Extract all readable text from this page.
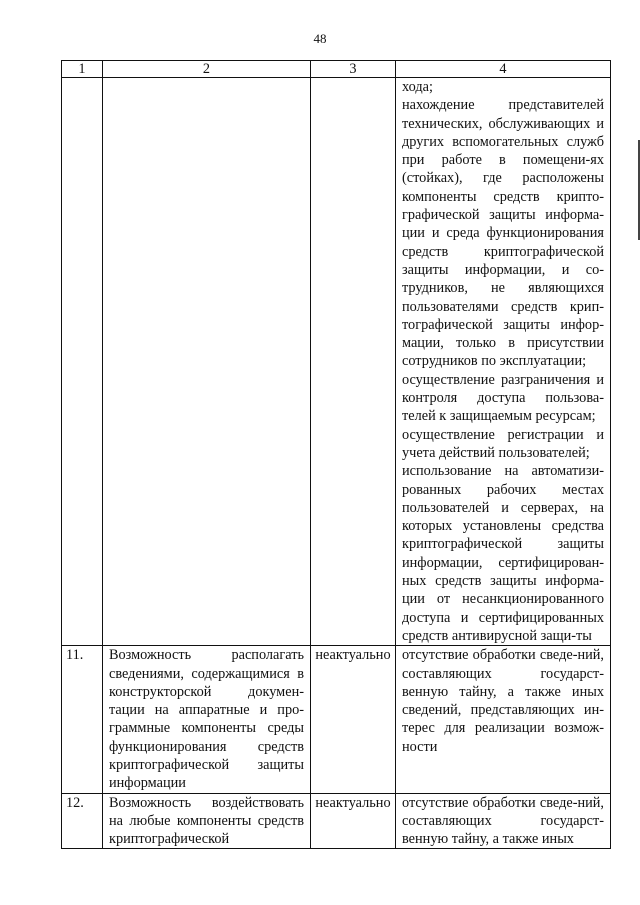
48
1	2	3	4

			хода;

нахождение представителей технических, обслуживающих и других вспомогательных служб при работе в помещени-ях (стойках), где расположены компоненты средств крипто-графической защиты информа-ции и среда функционирования средств криптографической защиты информации, и со-трудников, не являющихся пользователями средств крип-тографической защиты инфор-мации, только в присутствии сотрудников по эксплуатации;

осуществление разграничения и контроля доступа пользова-телей к защищаемым ресурсам;

осуществление регистрации и учета действий пользователей;

использование на автоматизи-рованных рабочих местах пользователей и серверах, на которых установлены средства криптографической защиты информации, сертифицирован-ных средств защиты информа-ции от несанкционированного доступа и сертифицированных средств антивирусной защи-ты

11.	Возможность располагать сведениями, содержащимися в конструкторской докумен-тации на аппаратные и про-граммные компоненты среды функционирования средств криптографической защиты информации	неактуально	отсутствие обработки сведе-ний, составляющих государст-венную тайну, а также иных сведений, представляющих ин-терес для реализации возмож-ности
12.	Возможность воздействовать на любые компоненты средств криптографической	неактуально	отсутствие обработки сведе-ний, составляющих государст-венную тайну, а также иных
